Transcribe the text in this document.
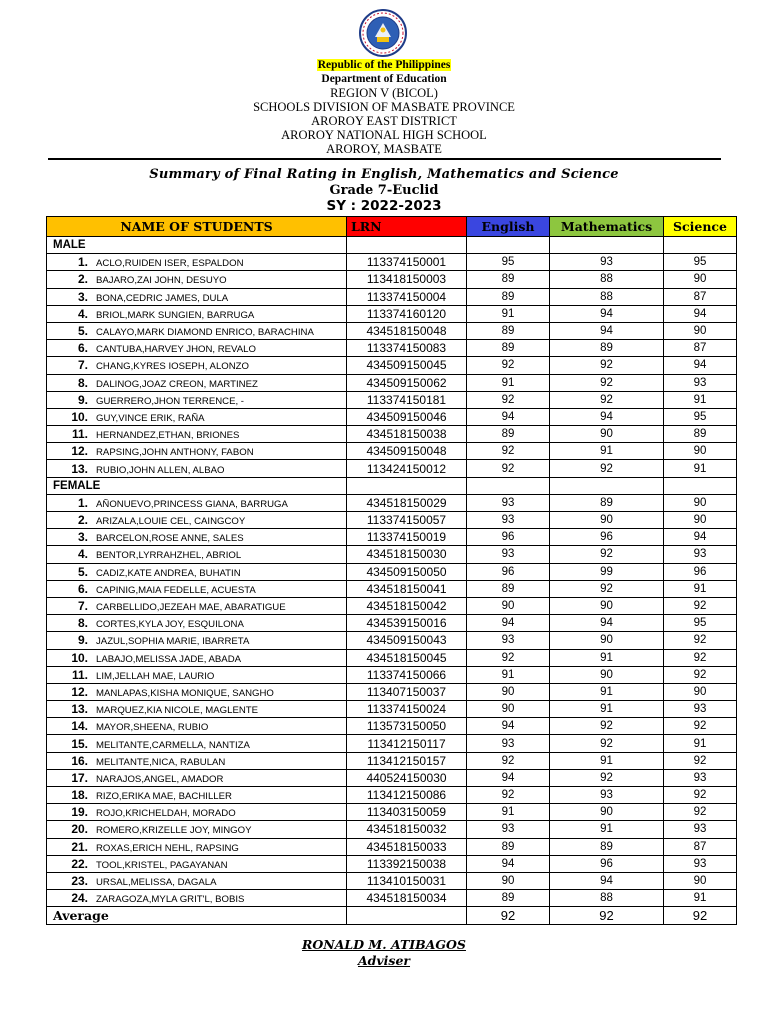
Republic of the Philippines
Department of Education
REGION V (BICOL)
SCHOOLS DIVISION OF MASBATE PROVINCE
AROROY EAST DISTRICT
AROROY NATIONAL HIGH SCHOOL
AROROY, MASBATE
Summary of Final Rating in English, Mathematics and Science
Grade 7-Euclid
SY : 2022-2023
NAME OF STUDENTS	LRN	English	Mathematics	Science
MALE				
1. ACLO,RUIDEN ISER, ESPALDON	113374150001	95	93	95
2. BAJARO,ZAI JOHN, DESUYO	113418150003	89	88	90
3. BONA,CEDRIC JAMES, DULA	113374150004	89	88	87
4. BRIOL,MARK SUNGIEN, BARRUGA	113374160120	91	94	94
5. CALAYO,MARK DIAMOND ENRICO, BARACHINA	434518150048	89	94	90
6. CANTUBA,HARVEY JHON, REVALO	113374150083	89	89	87
7. CHANG,KYRES IOSEPH, ALONZO	434509150045	92	92	94
8. DALINOG,JOAZ CREON, MARTINEZ	434509150062	91	92	93
9. GUERRERO,JHON TERRENCE, -	113374150181	92	92	91
10. GUY,VINCE ERIK, RAÑA	434509150046	94	94	95
11. HERNANDEZ,ETHAN, BRIONES	434518150038	89	90	89
12. RAPSING,JOHN ANTHONY, FABON	434509150048	92	91	90
13. RUBIO,JOHN ALLEN, ALBAO	113424150012	92	92	91
FEMALE				
1. AÑONUEVO,PRINCESS GIANA, BARRUGA	434518150029	93	89	90
2. ARIZALA,LOUIE CEL, CAINGCOY	113374150057	93	90	90
3. BARCELON,ROSE ANNE, SALES	113374150019	96	96	94
4. BENTOR,LYRRAHZHEL, ABRIOL	434518150030	93	92	93
5. CADIZ,KATE ANDREA, BUHATIN	434509150050	96	99	96
6. CAPINIG,MAIA FEDELLE, ACUESTA	434518150041	89	92	91
7. CARBELLIDO,JEZEAH MAE, ABARATIGUE	434518150042	90	90	92
8. CORTES,KYLA JOY, ESQUILONA	434539150016	94	94	95
9. JAZUL,SOPHIA MARIE, IBARRETA	434509150043	93	90	92
10. LABAJO,MELISSA JADE, ABADA	434518150045	92	91	92
11. LIM,JELLAH MAE, LAURIO	113374150066	91	90	92
12. MANLAPAS,KISHA MONIQUE, SANGHO	113407150037	90	91	90
13. MARQUEZ,KIA NICOLE, MAGLENTE	113374150024	90	91	93
14. MAYOR,SHEENA, RUBIO	113573150050	94	92	92
15. MELITANTE,CARMELLA, NANTIZA	113412150117	93	92	91
16. MELITANTE,NICA, RABULAN	113412150157	92	91	92
17. NARAJOS,ANGEL, AMADOR	440524150030	94	92	93
18. RIZO,ERIKA MAE, BACHILLER	113412150086	92	93	92
19. ROJO,KRICHELDAH, MORADO	113403150059	91	90	92
20. ROMERO,KRIZELLE JOY, MINGOY	434518150032	93	91	93
21. ROXAS,ERICH NEHL, RAPSING	434518150033	89	89	87
22. TOOL,KRISTEL, PAGAYANAN	113392150038	94	96	93
23. URSAL,MELISSA, DAGALA	113410150031	90	94	90
24. ZARAGOZA,MYLA GRIT'L, BOBIS	434518150034	89	88	91
Average		92	92	92
RONALD M. ATIBAGOS
Adviser
